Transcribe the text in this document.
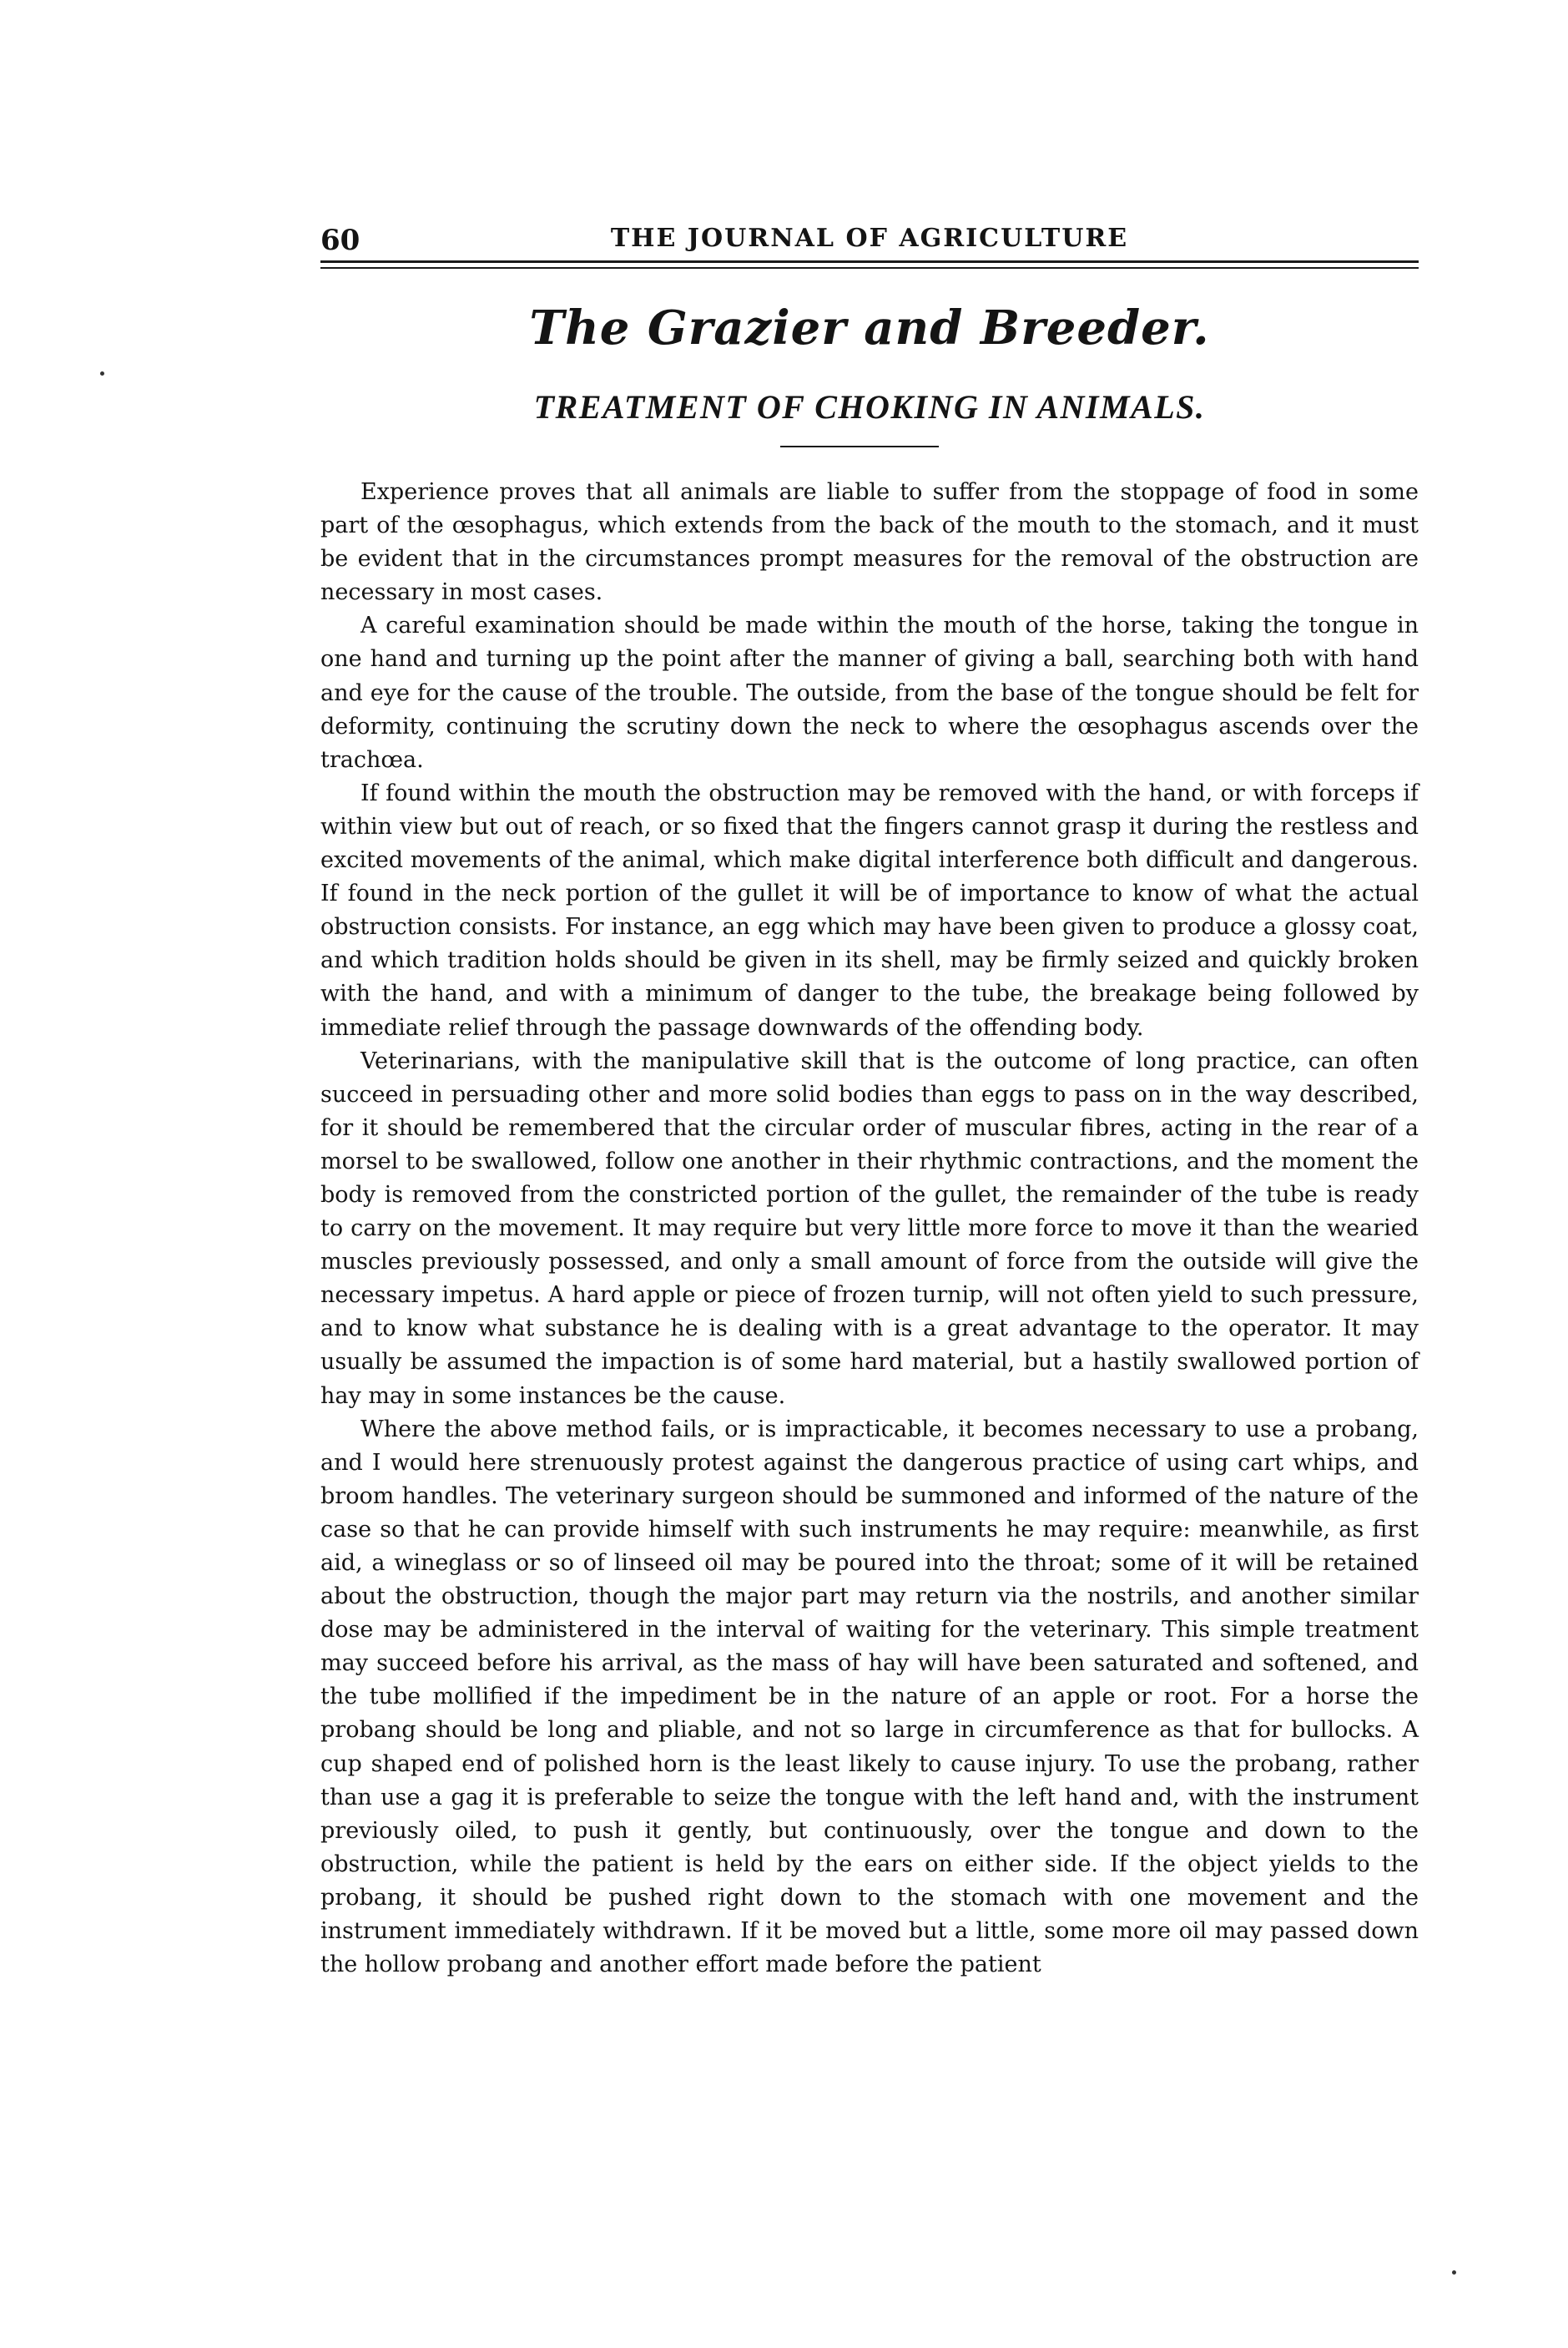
60	THE JOURNAL OF AGRICULTURE
The Grazier and Breeder.
TREATMENT OF CHOKING IN ANIMALS.

Experience proves that all animals are liable to suffer from the stoppage of food in some part of the œsophagus, which extends from the back of the mouth to the stomach, and it must be evident that in the circumstances prompt measures for the removal of the obstruction are necessary in most cases.

A careful examination should be made within the mouth of the horse, taking the tongue in one hand and turning up the point after the manner of giving a ball, searching both with hand and eye for the cause of the trouble. The outside, from the base of the tongue should be felt for deformity, continuing the scrutiny down the neck to where the œsophagus ascends over the trachœa.

If found within the mouth the obstruction may be removed with the hand, or with forceps if within view but out of reach, or so fixed that the fingers cannot grasp it during the restless and excited movements of the animal, which make digital interference both difficult and dangerous. If found in the neck portion of the gullet it will be of importance to know of what the actual obstruction consists. For instance, an egg which may have been given to produce a glossy coat, and which tradition holds should be given in its shell, may be firmly seized and quickly broken with the hand, and with a minimum of danger to the tube, the breakage being followed by immediate relief through the passage downwards of the offending body.

Veterinarians, with the manipulative skill that is the outcome of long practice, can often succeed in persuading other and more solid bodies than eggs to pass on in the way described, for it should be remembered that the circular order of muscular fibres, acting in the rear of a morsel to be swallowed, follow one another in their rhythmic contractions, and the moment the body is removed from the constricted portion of the gullet, the remainder of the tube is ready to carry on the movement. It may require but very little more force to move it than the wearied muscles previously possessed, and only a small amount of force from the outside will give the necessary impetus. A hard apple or piece of frozen turnip, will not often yield to such pressure, and to know what substance he is dealing with is a great advantage to the operator. It may usually be assumed the impaction is of some hard material, but a hastily swallowed portion of hay may in some instances be the cause.

Where the above method fails, or is impracticable, it becomes necessary to use a probang, and I would here strenuously protest against the dangerous practice of using cart whips, and broom handles. The veterinary surgeon should be summoned and informed of the nature of the case so that he can provide himself with such instruments he may require: meanwhile, as first aid, a wineglass or so of linseed oil may be poured into the throat; some of it will be retained about the obstruction, though the major part may return via the nostrils, and another similar dose may be administered in the interval of waiting for the veterinary. This simple treatment may succeed before his arrival, as the mass of hay will have been saturated and softened, and the tube mollified if the impediment be in the nature of an apple or root. For a horse the probang should be long and pliable, and not so large in circumference as that for bullocks. A cup shaped end of polished horn is the least likely to cause injury. To use the probang, rather than use a gag it is preferable to seize the tongue with the left hand and, with the instrument previously oiled, to push it gently, but continuously, over the tongue and down to the obstruction, while the patient is held by the ears on either side. If the object yields to the probang, it should be pushed right down to the stomach with one movement and the instrument immediately withdrawn. If it be moved but a little, some more oil may passed down the hollow probang and another effort made before the patient
